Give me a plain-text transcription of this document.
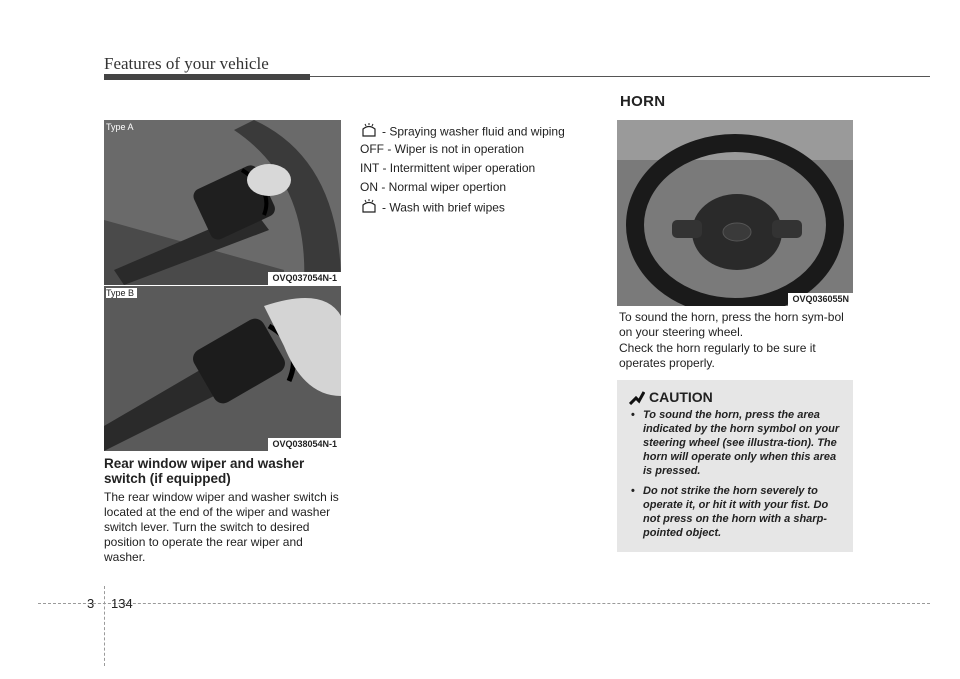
Features of your vehicle
OVQ037054N-1
Type A
OVQ038054N-1
Type B
Rear window wiper and washer switch (if equipped)
The rear window wiper and washer switch is located at the end of the wiper and washer switch lever. Turn the switch to desired position to operate the rear wiper and washer.
- Spraying washer fluid and wiping
OFF - Wiper is not in operation
INT - Intermittent wiper operation
ON - Normal wiper opertion
- Wash with brief wipes
HORN
OVQ036055N
To sound the horn, press the horn sym-bol on your steering wheel.
Check the horn regularly to be sure it operates properly.
CAUTION
• To sound the horn, press the area indicated by the horn symbol on your steering wheel (see illustra-tion). The horn will operate only when this area is pressed.
• Do not strike the horn severely to operate it, or hit it with your fist. Do not press on the horn with a sharp-pointed object.
3 134
